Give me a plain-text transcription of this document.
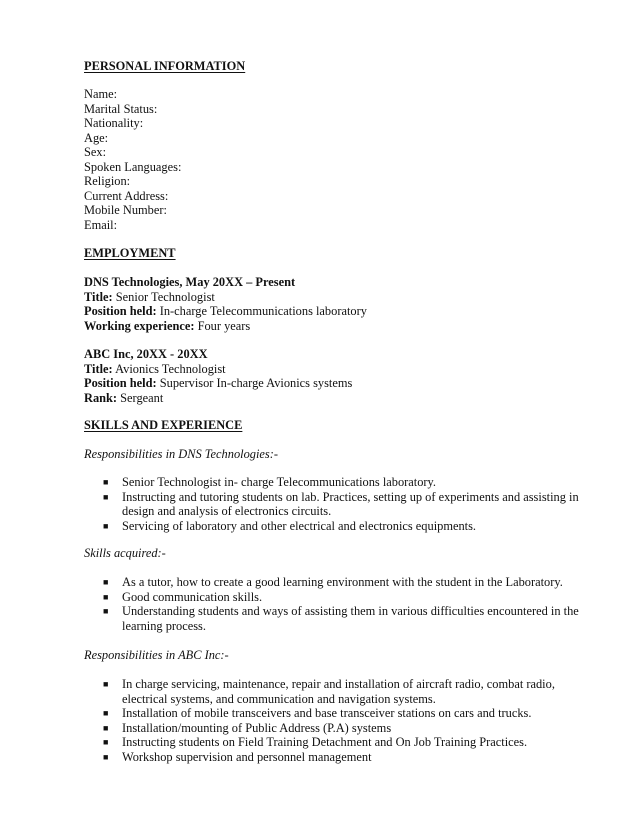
PERSONAL INFORMATION
Name:
Marital Status:
Nationality:
Age:
Sex:
Spoken Languages:
Religion:
Current Address:
Mobile Number:
Email:
EMPLOYMENT
DNS Technologies, May 20XX – Present
Title: Senior Technologist
Position held: In-charge Telecommunications laboratory
Working experience: Four years
ABC Inc, 20XX - 20XX
Title: Avionics Technologist
Position held: Supervisor In-charge Avionics systems
Rank: Sergeant
SKILLS AND EXPERIENCE
Responsibilities in DNS Technologies:-
■ Senior Technologist in- charge Telecommunications laboratory.
■ Instructing and tutoring students on lab. Practices, setting up of experiments and assisting in design and analysis of electronics circuits.
■ Servicing of laboratory and other electrical and electronics equipments.
Skills acquired:-
■ As a tutor, how to create a good learning environment with the student in the Laboratory.
■ Good communication skills.
■ Understanding students and ways of assisting them in various difficulties encountered in the learning process.
Responsibilities in ABC Inc:-
■ In charge servicing, maintenance, repair and installation of aircraft radio, combat radio, electrical systems, and communication and navigation systems.
■ Installation of mobile transceivers and base transceiver stations on cars and trucks.
■ Installation/mounting of Public Address (P.A) systems
■ Instructing students on Field Training Detachment and On Job Training Practices.
■ Workshop supervision and personnel management
